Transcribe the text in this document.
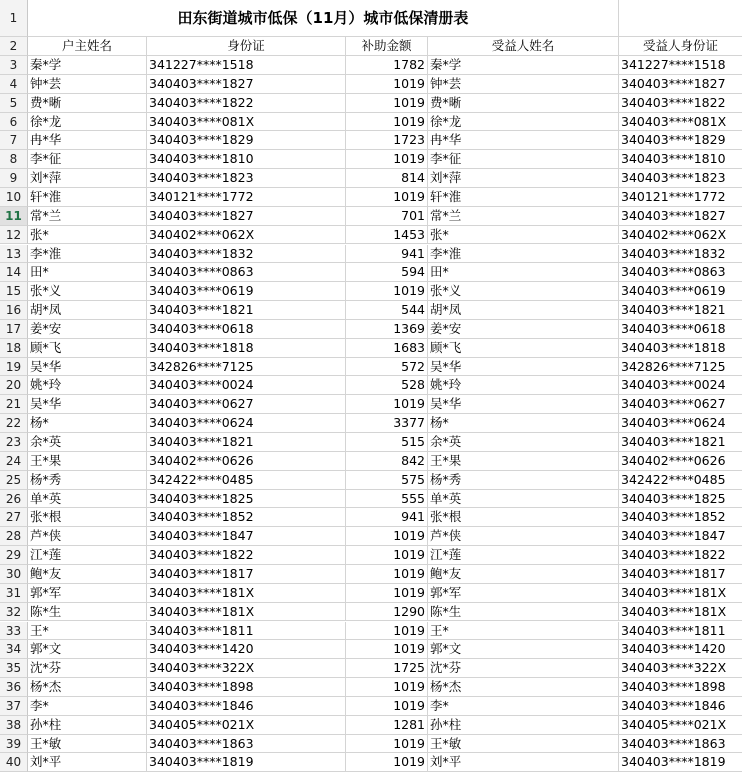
1	田东街道城市低保（11月）城市低保清册表
2	户主姓名	身份证	补助金额	受益人姓名	受益人身份证
3	秦*学	341227****1518	1782 秦*学	341227****1518
4	钟*芸	340403****1827	1019 钟*芸	340403****1827
5	费*晰	340403****1822	1019 费*晰	340403****1822
6	徐*龙	340403****081X	1019 徐*龙	340403****081X
7	冉*华	340403****1829	1723 冉*华	340403****1829
8	李*征	340403****1810	1019 李*征	340403****1810
9	刘*萍	340403****1823	814 刘*萍	340403****1823
10 轩*淮	340121****1772	1019 轩*淮	340121****1772
11 常*兰	340403****1827	701 常*兰	340403****1827
12 张*	340402****062X	1453 张*	340402****062X
13 李*淮	340403****1832	941 李*淮	340403****1832
14 田*	340403****0863	594 田*	340403****0863
15 张*义	340403****0619	1019 张*义	340403****0619
16 胡*凤	340403****1821	544 胡*凤	340403****1821
17 姜*安	340403****0618	1369 姜*安	340403****0618
18 顾*飞	340403****1818	1683 顾*飞	340403****1818
19 吴*华	342826****7125	572 吴*华	342826****7125
20 姚*玲	340403****0024	528 姚*玲	340403****0024
21 吴*华	340403****0627	1019 吴*华	340403****0627
22 杨*	340403****0624	3377 杨*	340403****0624
23 余*英	340403****1821	515 余*英	340403****1821
24 王*果	340402****0626	842 王*果	340402****0626
25 杨*秀	342422****0485	575 杨*秀	342422****0485
26 单*英	340403****1825	555 单*英	340403****1825
27 张*根	340403****1852	941 张*根	340403****1852
28 芦*侠	340403****1847	1019 芦*侠	340403****1847
29 江*莲	340403****1822	1019 江*莲	340403****1822
30 鲍*友	340403****1817	1019 鲍*友	340403****1817
31 郭*军	340403****181X	1019 郭*军	340403****181X
32 陈*生	340403****181X	1290 陈*生	340403****181X
33 王*	340403****1811	1019 王*	340403****1811
34 郭*文	340403****1420	1019 郭*文	340403****1420
35 沈*芬	340403****322X	1725 沈*芬	340403****322X
36 杨*杰	340403****1898	1019 杨*杰	340403****1898
37 李*	340403****1846	1019 李*	340403****1846
38 孙*柱	340405****021X	1281 孙*柱	340405****021X
39 王*敏	340403****1863	1019 王*敏	340403****1863
40 刘*平	340403****1819	1019 刘*平	340403****1819
